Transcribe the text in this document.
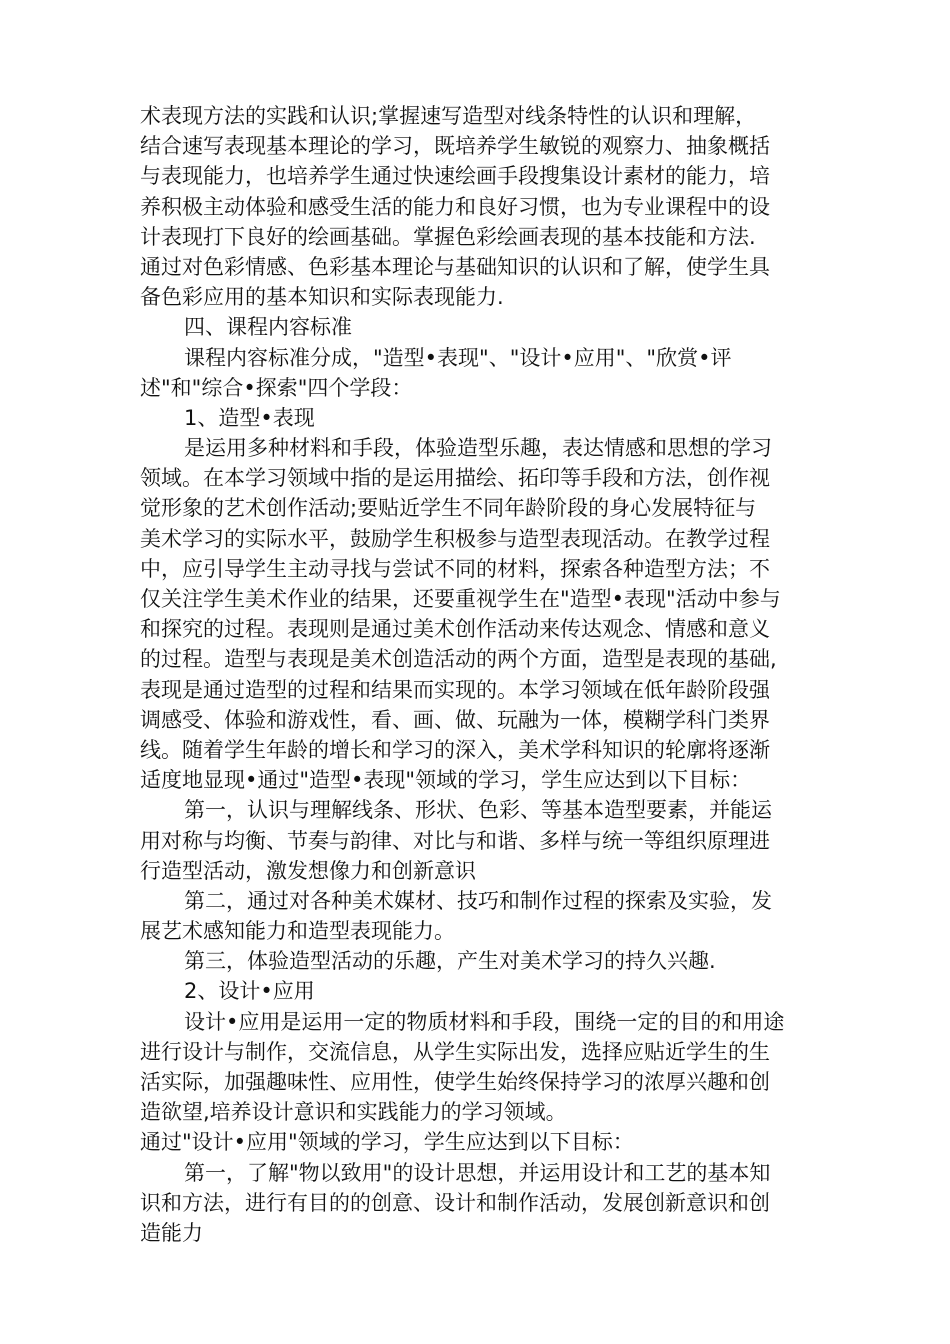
术表现方法的实践和认识;掌握速写造型对线条特性的认识和理解，
结合速写表现基本理论的学习，既培养学生敏锐的观察力、抽象概括
与表现能力，也培养学生通过快速绘画手段搜集设计素材的能力，培
养积极主动体验和感受生活的能力和良好习惯，也为专业课程中的设
计表现打下良好的绘画基础。掌握色彩绘画表现的基本技能和方法.
通过对色彩情感、色彩基本理论与基础知识的认识和了解，使学生具
备色彩应用的基本知识和实际表现能力.
四、课程内容标准
课程内容标准分成，"造型•表现"、"设计•应用"、"欣赏•评
述"和"综合•探索"四个学段：
1、造型•表现
是运用多种材料和手段，体验造型乐趣，表达情感和思想的学习
领域。在本学习领域中指的是运用描绘、拓印等手段和方法，创作视
觉形象的艺术创作活动;要贴近学生不同年龄阶段的身心发展特征与
美术学习的实际水平，鼓励学生积极参与造型表现活动。在教学过程
中，应引导学生主动寻找与尝试不同的材料，探索各种造型方法；不
仅关注学生美术作业的结果，还要重视学生在"造型•表现"活动中参与
和探究的过程。表现则是通过美术创作活动来传达观念、情感和意义
的过程。造型与表现是美术创造活动的两个方面，造型是表现的基础,
表现是通过造型的过程和结果而实现的。本学习领域在低年龄阶段强
调感受、体验和游戏性，看、画、做、玩融为一体，模糊学科门类界
线。随着学生年龄的增长和学习的深入，美术学科知识的轮廓将逐渐
适度地显现•通过"造型•表现"领域的学习，学生应达到以下目标：
第一，认识与理解线条、形状、色彩、等基本造型要素，并能运
用对称与均衡、节奏与韵律、对比与和谐、多样与统一等组织原理进
行造型活动，激发想像力和创新意识
第二，通过对各种美术媒材、技巧和制作过程的探索及实验，发
展艺术感知能力和造型表现能力。
第三，体验造型活动的乐趣，产生对美术学习的持久兴趣.
2、设计•应用
设计•应用是运用一定的物质材料和手段，围绕一定的目的和用途
进行设计与制作，交流信息，从学生实际出发，选择应贴近学生的生
活实际，加强趣味性、应用性，使学生始终保持学习的浓厚兴趣和创
造欲望,培养设计意识和实践能力的学习领域。
通过"设计•应用"领域的学习，学生应达到以下目标：
第一，了解"物以致用"的设计思想，并运用设计和工艺的基本知
识和方法，进行有目的的创意、设计和制作活动，发展创新意识和创
造能力
